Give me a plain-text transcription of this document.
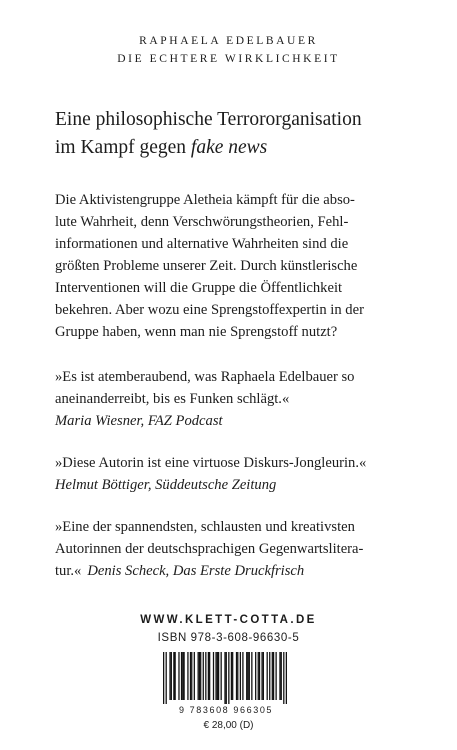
RAPHAELA EDELBAUER
DIE ECHTERE WIRKLICHKEIT
Eine philosophische Terrororganisation
im Kampf gegen fake news
Die Aktivistengruppe Aletheia kämpft für die abso-
lute Wahrheit, denn Verschwörungstheorien, Fehl-
informationen und alternative Wahrheiten sind die
größten Probleme unserer Zeit. Durch künstlerische
Interventionen will die Gruppe die Öffentlichkeit
bekehren. Aber wozu eine Sprengstoffexpertin in der
Gruppe haben, wenn man nie Sprengstoff nutzt?
»Es ist atemberaubend, was Raphaela Edelbauer so
aneinanderreibt, bis es Funken schlägt.«
Maria Wiesner, FAZ Podcast
»Diese Autorin ist eine virtuose Diskurs-Jongleurin.«
Helmut Böttiger, Süddeutsche Zeitung
»Eine der spannendsten, schlausten und kreativsten
Autorinnen der deutschsprachigen Gegenwartslitera-
tur.« Denis Scheck, Das Erste Druckfrisch
WWW.KLETT-COTTA.DE
ISBN 978-3-608-96630-5
9 783608 966305
€ 28,00 (D)
